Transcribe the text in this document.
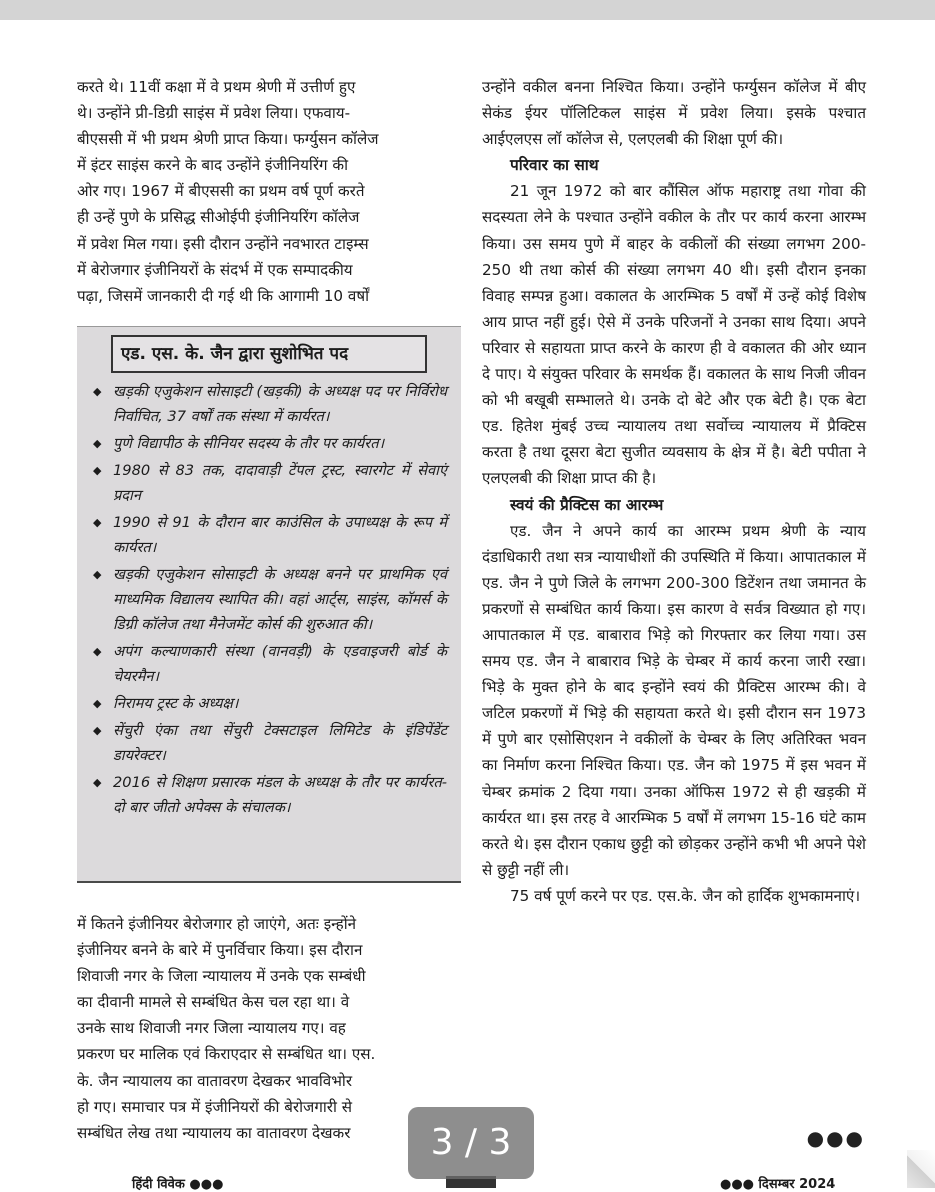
करते थे। 11वीं कक्षा में वे प्रथम श्रेणी में उत्तीर्ण हुए

थे। उन्होंने प्री-डिग्री साइंस में प्रवेश लिया। एफवाय-

बीएससी में भी प्रथम श्रेणी प्राप्त किया। फर्ग्युसन कॉलेज

में इंटर साइंस करने के बाद उन्होंने इंजीनियरिंग की

ओर गए। 1967 में बीएससी का प्रथम वर्ष पूर्ण करते

ही उन्हें पुणे के प्रसिद्ध सीओईपी इंजीनियरिंग कॉलेज

में प्रवेश मिल गया। इसी दौरान उन्होंने नवभारत टाइम्स

में बेरोजगार इंजीनियरों के संदर्भ में एक सम्पादकीय

पढ़ा, जिसमें जानकारी दी गई थी कि आगामी 10 वर्षों

एड. एस. के. जैन द्वारा सुशोभित पद
◆ खड़की एजुकेशन सोसाइटी (खड़की) के अध्यक्ष पद पर निर्विरोध निर्वाचित, 37 वर्षों तक संस्था में कार्यरत।
◆ पुणे विद्यापीठ के सीनियर सदस्य के तौर पर कार्यरत।
◆ 1980 से 83 तक, दादावाड़ी टेंपल ट्रस्ट, स्वारगेट में सेवाएं प्रदान
◆ 1990 से 91 के दौरान बार काउंसिल के उपाध्यक्ष के रूप में कार्यरत।
◆ खड़की एजुकेशन सोसाइटी के अध्यक्ष बनने पर प्राथमिक एवं माध्यमिक विद्यालय स्थापित की। वहां आर्ट्स, साइंस, कॉमर्स के डिग्री कॉलेज तथा मैनेजमेंट कोर्स की शुरुआत की।
◆ अपंग कल्याणकारी संस्था (वानवड़ी) के एडवाइजरी बोर्ड के चेयरमैन।
◆ निरामय ट्रस्ट के अध्यक्ष।
◆ सेंचुरी एंका तथा सेंचुरी टेक्सटाइल लिमिटेड के इंडिपेंडेंट डायरेक्टर।
◆ 2016 से शिक्षण प्रसारक मंडल के अध्यक्ष के तौर पर कार्यरत- दो बार जीतो अपेक्स के संचालक।

में कितने इंजीनियर बेरोजगार हो जाएंगे, अतः इन्होंने

इंजीनियर बनने के बारे में पुनर्विचार किया। इस दौरान

शिवाजी नगर के जिला न्यायालय में उनके एक सम्बंधी

का दीवानी मामले से सम्बंधित केस चल रहा था। वे

उनके साथ शिवाजी नगर जिला न्यायालय गए। वह

प्रकरण घर मालिक एवं किराएदार से सम्बंधित था। एस.

के. जैन न्यायालय का वातावरण देखकर भावविभोर

हो गए। समाचार पत्र में इंजीनियरों की बेरोजगारी से

सम्बंधित लेख तथा न्यायालय का वातावरण देखकर

उन्होंने वकील बनना निश्चित किया। उन्होंने फर्ग्युसन कॉलेज में बीए सेकंड ईयर पॉलिटिकल साइंस में प्रवेश लिया। इसके पश्चात आईएलएस लॉ कॉलेज से, एलएलबी की शिक्षा पूर्ण की।

परिवार का साथ

21 जून 1972 को बार कौंसिल ऑफ महाराष्ट्र तथा गोवा की सदस्यता लेने के पश्चात उन्होंने वकील के तौर पर कार्य करना आरम्भ किया। उस समय पुणे में बाहर के वकीलों की संख्या लगभग 200-250 थी तथा कोर्स की संख्या लगभग 40 थी। इसी दौरान इनका विवाह सम्पन्न हुआ। वकालत के आरम्भिक 5 वर्षों में उन्हें कोई विशेष आय प्राप्त नहीं हुई। ऐसे में उनके परिजनों ने उनका साथ दिया। अपने परिवार से सहायता प्राप्त करने के कारण ही वे वकालत की ओर ध्यान दे पाए। ये संयुक्त परिवार के समर्थक हैं। वकालत के साथ निजी जीवन को भी बखूबी सम्भालते थे। उनके दो बेटे और एक बेटी है। एक बेटा एड. हितेश मुंबई उच्च न्यायालय तथा सर्वोच्च न्यायालय में प्रैक्टिस करता है तथा दूसरा बेटा सुजीत व्यवसाय के क्षेत्र में है। बेटी पपीता ने एलएलबी की शिक्षा प्राप्त की है।

स्वयं की प्रैक्टिस का आरम्भ

एड. जैन ने अपने कार्य का आरम्भ प्रथम श्रेणी के न्याय दंडाधिकारी तथा सत्र न्यायाधीशों की उपस्थिति में किया। आपातकाल में एड. जैन ने पुणे जिले के लगभग 200-300 डिटेंशन तथा जमानत के प्रकरणों से सम्बंधित कार्य किया। इस कारण वे सर्वत्र विख्यात हो गए। आपातकाल में एड. बाबाराव भिड़े को गिरफ्तार कर लिया गया। उस समय एड. जैन ने बाबाराव भिड़े के चेम्बर में कार्य करना जारी रखा। भिड़े के मुक्त होने के बाद इन्होंने स्वयं की प्रैक्टिस आरम्भ की। वे जटिल प्रकरणों में भिड़े की सहायता करते थे। इसी दौरान सन 1973 में पुणे बार एसोसिएशन ने वकीलों के चेम्बर के लिए अतिरिक्त भवन का निर्माण करना निश्चित किया। एड. जैन को 1975 में इस भवन में चेम्बर क्रमांक 2 दिया गया। उनका ऑफिस 1972 से ही खड़की में कार्यरत था। इस तरह वे आरम्भिक 5 वर्षों में लगभग 15-16 घंटे काम करते थे। इस दौरान एकाध छुट्टी को छोड़कर उन्होंने कभी भी अपने पेशे से छुट्टी नहीं ली।

75 वर्ष पूर्ण करने पर एड. एस.के. जैन को हार्दिक शुभकामनाएं।

●●●
हिंदी विवेक ●●●	●●● दिसम्बर 2024
3 / 3
